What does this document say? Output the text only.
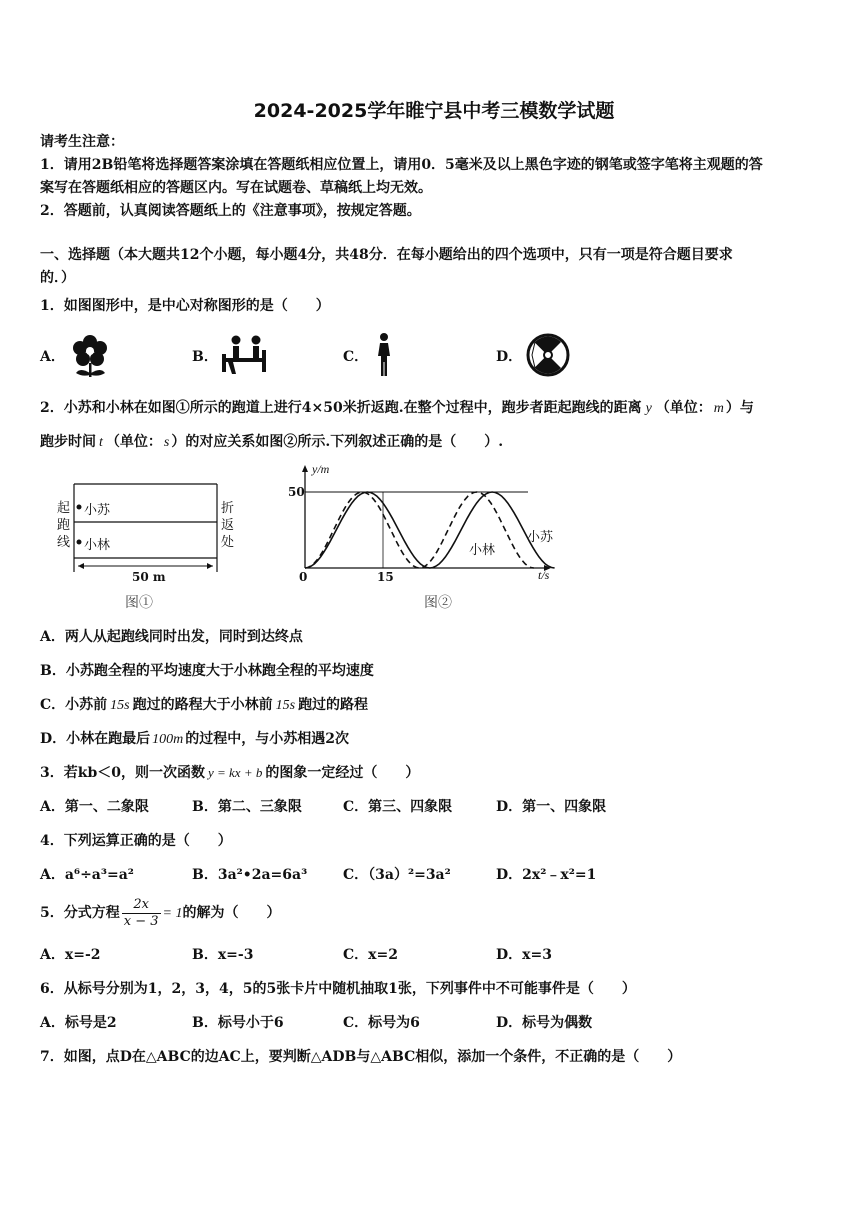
2024-2025学年睢宁县中考三模数学试题
请考生注意：
1．请用2B铅笔将选择题答案涂填在答题纸相应位置上，请用0．5毫米及以上黑色字迹的钢笔或签字笔将主观题的答
案写在答题纸相应的答题区内。写在试题卷、草稿纸上均无效。
2．答题前，认真阅读答题纸上的《注意事项》，按规定答题。
一、选择题（本大题共12个小题，每小题4分，共48分．在每小题给出的四个选项中，只有一项是符合题目要求
的．）
1．如图图形中，是中心对称图形的是（　　）
A．	B．	C．	D．
2．小苏和小林在如图①所示的跑道上进行4×50米折返跑.在整个过程中，跑步者距起跑线的距离 y （单位： m ）与
跑步时间 t （单位： s ）的对应关系如图②所示.下列叙述正确的是（　　）.
起
跑
线
折
返
处
小苏
小林
50 m
图①
y/m
t/s
50
15
0
小苏
小林
图②
A．两人从起跑线同时出发，同时到达终点
B．小苏跑全程的平均速度大于小林跑全程的平均速度
C．小苏前 15s 跑过的路程大于小林前 15s 跑过的路程
D．小林在跑最后 100m 的过程中，与小苏相遇2次
3．若kb＜0，则一次函数 y = kx + b 的图象一定经过（　　）
A．第一、二象限	B．第二、三象限	C．第三、四象限	D．第一、四象限
4．下列运算正确的是（　　）
A．a⁶÷a³=a²	B．3a²•2a=6a³	C．（3a）²=3a²	D．2x²﹣x²=1
5．分式方程 $\frac{2x}{x - 3} = 1$的解为（　　）
A．x=-2	B．x=-3	C．x=2	D．x=3
6．从标号分别为1，2，3，4，5的5张卡片中随机抽取1张，下列事件中不可能事件是（　　）
A．标号是2	B．标号小于6	C．标号为6	D．标号为偶数
7．如图，点D在△ABC的边AC上，要判断△ADB与△ABC相似，添加一个条件，不正确的是（　　）
